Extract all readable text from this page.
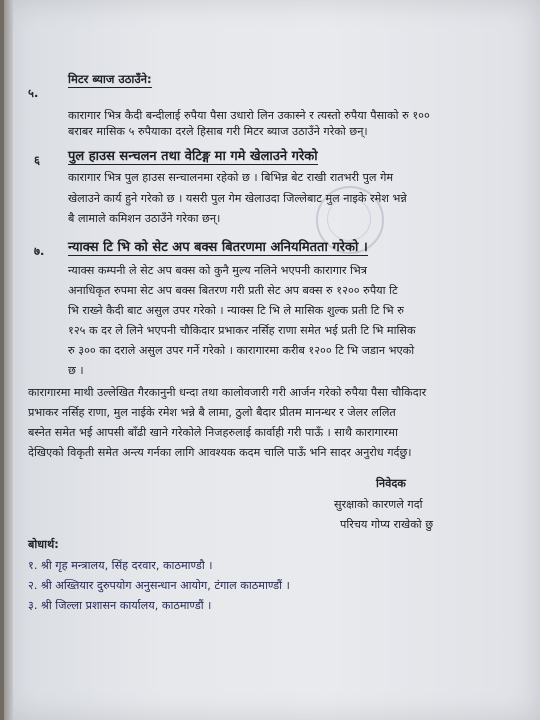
५.
मिटर ब्याज उठाउँने:
कारागार भित्र कैदी बन्दीलाई रुपैया पैसा उधारो लिन उकास्ने र त्यस्तो रुपैया पैसाको रु १००
बराबर मासिक ५ रुपैयाका दरले हिसाब गरी मिटर ब्याज उठाउँने गरेको छन्।
६ पुल हाउस सन्चलन तथा वेटिङ्ग मा गमे खेलाउने गरेको
कारागार भित्र पुल हाउस सन्चालनमा रहेको छ । बिभिन्न बेट राखी रातभरी पुल गेम
खेलाउने कार्य हुने गरेको छ । यसरी पुल गेम खेलाउदा जिल्लेबाट मुल नाइके रमेश भन्ने
बै लामाले कमिशन उठाउँने गरेका छन्।
७. न्याक्स टि भि को सेट अप बक्स बितरणमा अनियमितता गरेको ।
न्याक्स कम्पनी ले सेट अप बक्स को कुनै मुल्य नलिने भएपनी कारागार भित्र
अनाधिकृत रुपमा सेट अप बक्स बितरण गरी प्रती सेट अप बक्स रु १२०० रुपैया टि
भि राख्ने कैदी बाट असुल उपर गरेको । न्याक्स टि भि ले मासिक शुल्क प्रती टि भि रु
१२५ क दर ले लिने भएपनी चौकिदार प्रभाकर नर्सिह राणा समेत भई प्रती टि भि मासिक
रु ३०० का दराले असुल उपर गर्ने गरेको । कारागारमा करीब १२०० टि भि जडान भएको
छ ।
कारागारमा माथी उल्लेखित गैरकानुनी धन्दा तथा कालोवजारी गरी आर्जन गरेको रुपैया पैसा चौकिदार
प्रभाकर नर्सिह राणा, मुल नाईके रमेश भन्ने बै लामा, ठुलो बैदार प्रीतम मानन्धर र जेलर ललित
बस्नेत समेत भई आपसी बाँढी खाने गरेकोले निजहरुलाई कार्वाही गरी पाऊँ । साथै कारागारमा
देखिएको विकृती समेत अन्त्य गर्नका लागि आवश्यक कदम चालि पाऊँ भनि सादर अनुरोध गर्दछु।
निवेदक
सुरक्षाको कारणले गर्दा
परिचय गोप्य राखेको छु
बोधार्थ:
१. श्री गृह मन्त्रालय, सिंह दरवार, काठमाण्डौ ।
२. श्री अख्तियार दुरुपयोग अनुसन्धान आयोग, टंगाल काठमाण्डौं ।
३. श्री जिल्ला प्रशासन कार्यालय, काठमाण्डौं ।
